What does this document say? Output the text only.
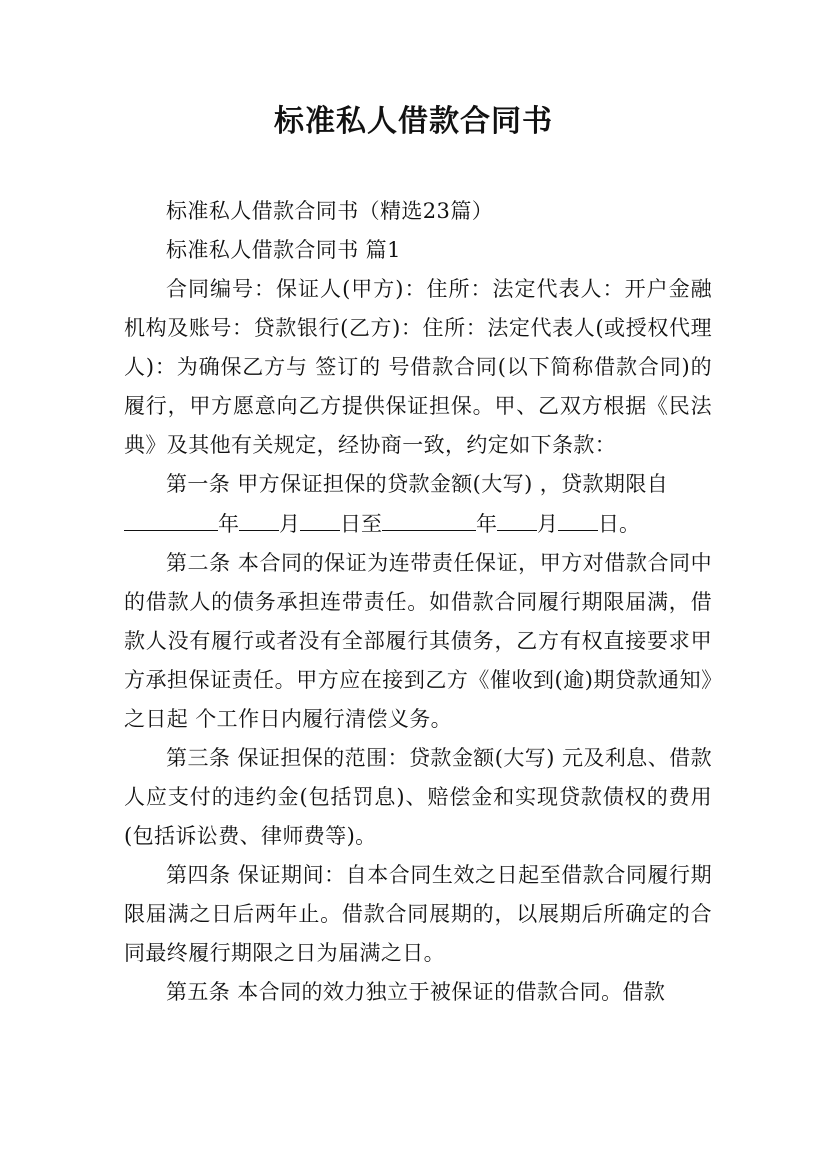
标准私人借款合同书

标准私人借款合同书（精选23篇）

标准私人借款合同书 篇1

合同编号：保证人(甲方)：住所：法定代表人：开户金融机构及账号：贷款银行(乙方)：住所：法定代表人(或授权代理人)：为确保乙方与 签订的 号借款合同(以下简称借款合同)的履行，甲方愿意向乙方提供保证担保。甲、乙双方根据《民法典》及其他有关规定，经协商一致，约定如下条款：

第一条 甲方保证担保的贷款金额(大写) ，贷款期限自

年 月 日至	年 月 日。

第二条 本合同的保证为连带责任保证，甲方对借款合同中的借款人的债务承担连带责任。如借款合同履行期限届满，借款人没有履行或者没有全部履行其债务，乙方有权直接要求甲方承担保证责任。甲方应在接到乙方《催收到(逾)期贷款通知》之日起 个工作日内履行清偿义务。

第三条 保证担保的范围：贷款金额(大写) 元及利息、借款人应支付的违约金(包括罚息)、赔偿金和实现贷款债权的费用(包括诉讼费、律师费等)。

第四条 保证期间：自本合同生效之日起至借款合同履行期限届满之日后两年止。借款合同展期的，以展期后所确定的合同最终履行期限之日为届满之日。

第五条 本合同的效力独立于被保证的借款合同。借款
